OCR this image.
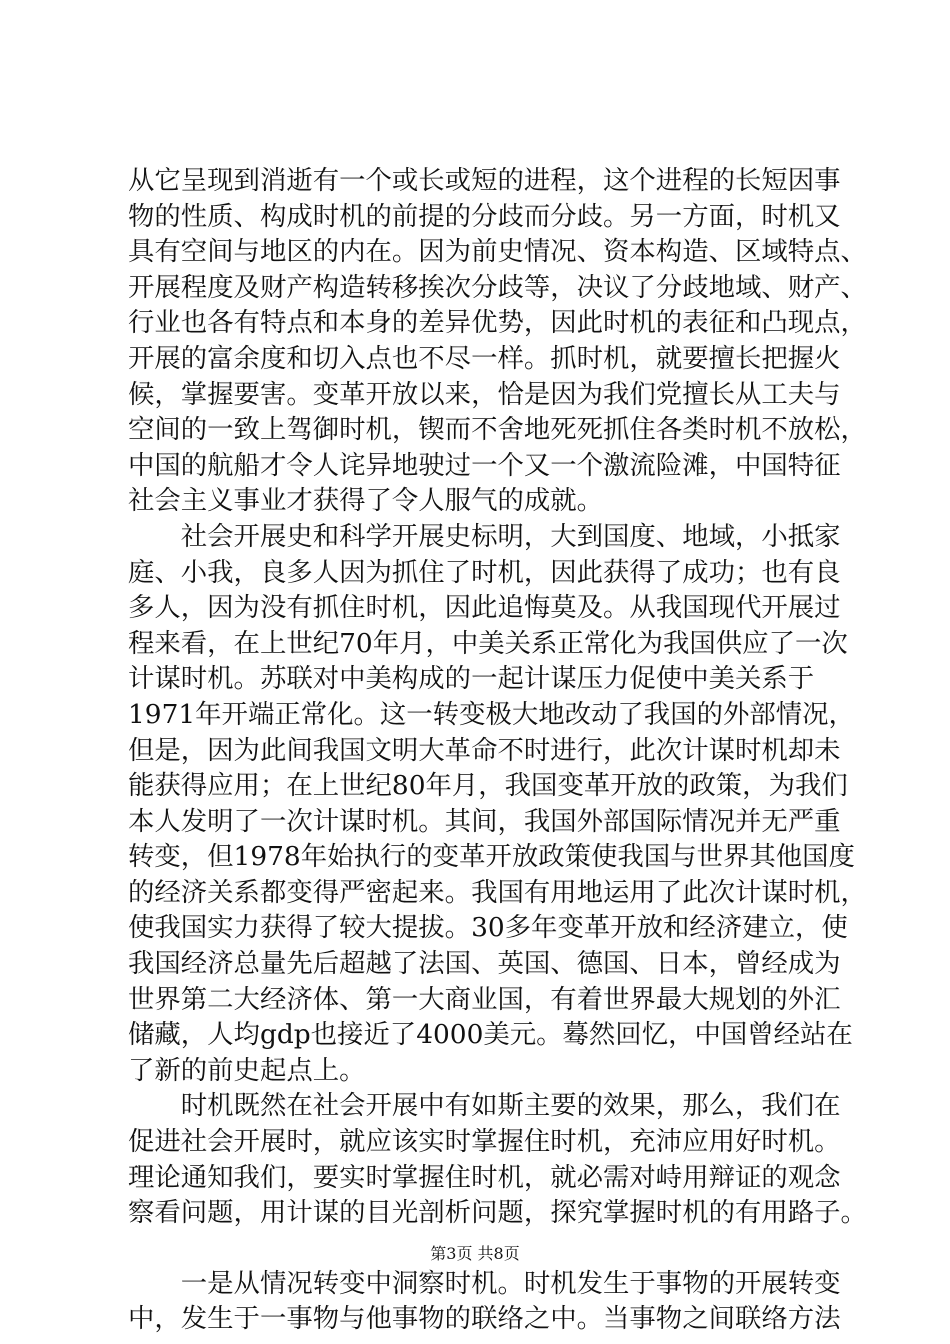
从它呈现到消逝有一个或长或短的进程，这个进程的长短因事
物的性质、构成时机的前提的分歧而分歧。另一方面，时机又
具有空间与地区的内在。因为前史情况、资本构造、区域特点、
开展程度及财产构造转移挨次分歧等，决议了分歧地域、财产、
行业也各有特点和本身的差异优势，因此时机的表征和凸现点，
开展的富余度和切入点也不尽一样。抓时机，就要擅长把握火
候，掌握要害。变革开放以来，恰是因为我们党擅长从工夫与
空间的一致上驾御时机，锲而不舍地死死抓住各类时机不放松，
中国的航船才令人诧异地驶过一个又一个激流险滩，中国特征
社会主义事业才获得了令人服气的成就。
　　社会开展史和科学开展史标明，大到国度、地域，小抵家
庭、小我，良多人因为抓住了时机，因此获得了成功；也有良
多人，因为没有抓住时机，因此追悔莫及。从我国现代开展过
程来看，在上世纪70年月，中美关系正常化为我国供应了一次
计谋时机。苏联对中美构成的一起计谋压力促使中美关系于
1971年开端正常化。这一转变极大地改动了我国的外部情况，
但是，因为此间我国文明大革命不时进行，此次计谋时机却未
能获得应用；在上世纪80年月，我国变革开放的政策，为我们
本人发明了一次计谋时机。其间，我国外部国际情况并无严重
转变，但1978年始执行的变革开放政策使我国与世界其他国度
的经济关系都变得严密起来。我国有用地运用了此次计谋时机，
使我国实力获得了较大提拔。30多年变革开放和经济建立，使
我国经济总量先后超越了法国、英国、德国、日本，曾经成为
世界第二大经济体、第一大商业国，有着世界最大规划的外汇
储藏，人均gdp也接近了4000美元。蓦然回忆，中国曾经站在
了新的前史起点上。
　　时机既然在社会开展中有如斯主要的效果，那么，我们在
促进社会开展时，就应该实时掌握住时机，充沛应用好时机。
理论通知我们，要实时掌握住时机，就必需对峙用辩证的观念
察看问题，用计谋的目光剖析问题，探究掌握时机的有用路子。
　　一是从情况转变中洞察时机。时机发生于事物的开展转变
中，发生于一事物与他事物的联络之中。当事物之间联络方法
第3页 共8页
